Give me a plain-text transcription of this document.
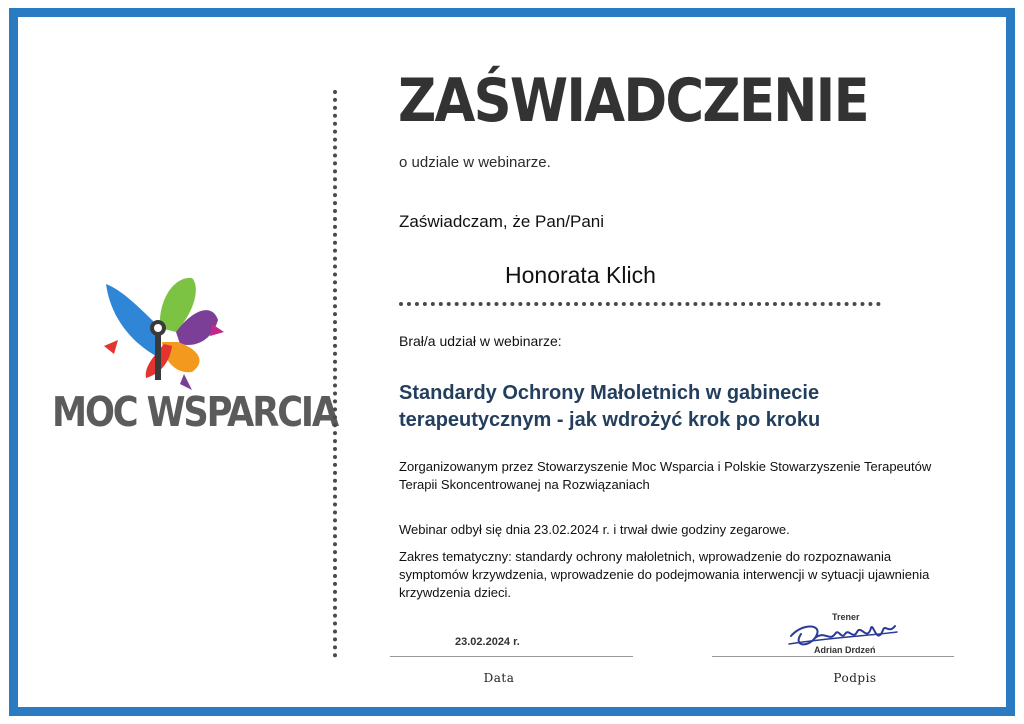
MOC WSPARCIA
ZAŚWIADCZENIE
o udziale w webinarze.
Zaświadczam, że Pan/Pani
Honorata Klich
Brał/a udział w webinarze:
Standardy Ochrony Małoletnich w gabinecie terapeutycznym - jak wdrożyć krok po kroku
Zorganizowanym przez Stowarzyszenie Moc Wsparcia i Polskie Stowarzyszenie Terapeutów Terapii Skoncentrowanej na Rozwiązaniach
Webinar odbył się dnia 23.02.2024 r. i trwał dwie godziny zegarowe.
Zakres tematyczny: standardy ochrony małoletnich, wprowadzenie do rozpoznawania symptomów krzywdzenia, wprowadzenie do podejmowania interwencji w sytuacji ujawnienia krzywdzenia dzieci.
23.02.2024 r.
Data
Trener
Adrian Drdzeń
Podpis
